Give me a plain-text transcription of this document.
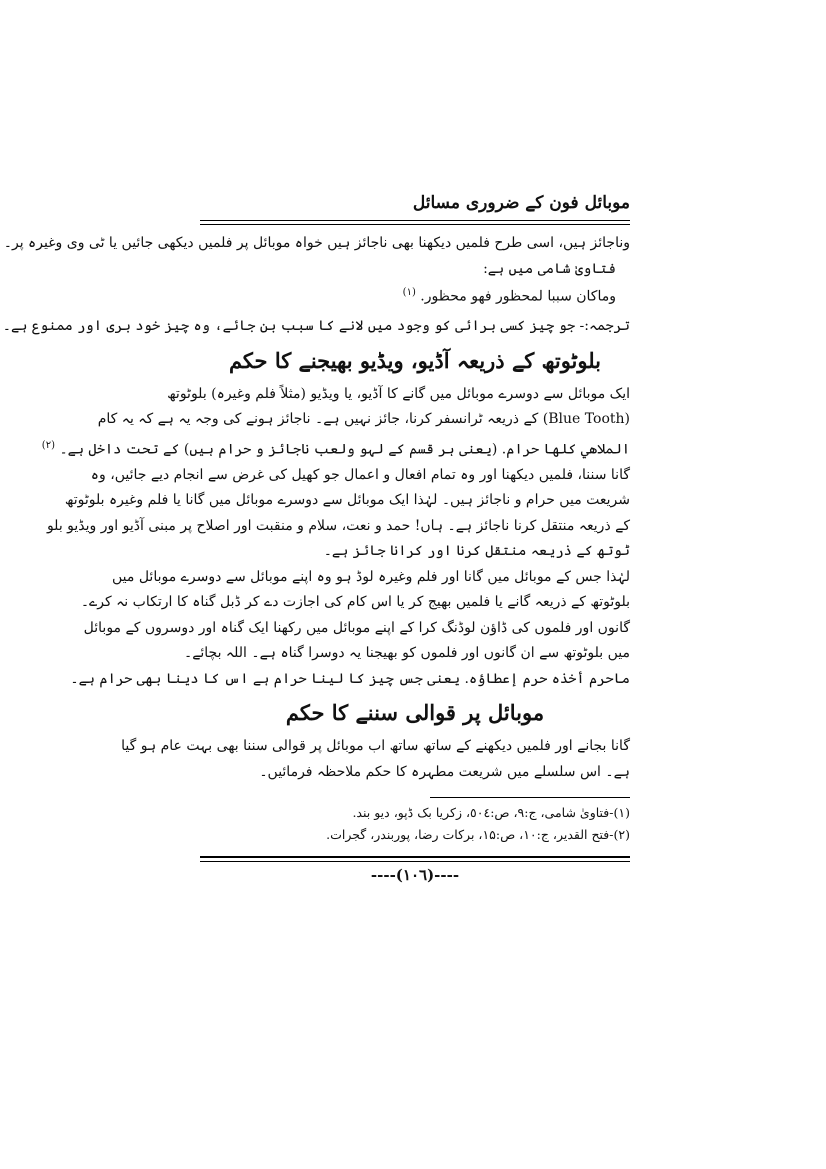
موبائل فون کے ضروری مسائل
وناجائز ہیں، اسی طرح فلمیں دیکھنا بھی ناجائز ہیں خواہ موبائل پر فلمیں دیکھی جائیں یا ٹی وی وغیرہ پر۔
فتاویٰ شامی میں ہے:
وماكان سببا لمحظور فهو محظور. $^{(۱)}$
ترجمہ:- جو چیز کسی برائی کو وجود میں لانے کا سبب بن جائے، وہ چیز خود بری اور ممنوع ہے۔
بلوٹوتھ کے ذریعہ آڈیو، ویڈیو بھیجنے کا حکم
ایک موبائل سے دوسرے موبائل میں گانے کا آڈیو، یا ویڈیو (مثلاً فلم وغیرہ) بلوٹوتھ
(Blue Tooth) کے ذریعہ ٹرانسفر کرنا، جائز نہیں ہے۔ ناجائز ہونے کی وجہ یہ ہے کہ یہ کام
الملاهي كلها حرام. (یعنی ہر قسم کے لہو ولعب ناجائز و حرام ہیں) کے تحت داخل ہے۔ $^{(۲)}$
گانا سننا، فلمیں دیکھنا اور وہ تمام افعال و اعمال جو کھیل کی غرض سے انجام دیے جائیں، وہ
شریعت میں حرام و ناجائز ہیں۔ لہٰذا ایک موبائل سے دوسرے موبائل میں گانا یا فلم وغیرہ بلوٹوتھ
کے ذریعہ منتقل کرنا ناجائز ہے۔ ہاں! حمد و نعت، سلام و منقبت اور اصلاح پر مبنی آڈیو اور ویڈیو بلو
ٹوتھ کے ذریعہ منتقل کرنا اور کرانا جائز ہے۔
لہٰذا جس کے موبائل میں گانا اور فلم وغیرہ لوڈ ہو وہ اپنے موبائل سے دوسرے موبائل میں
بلوٹوتھ کے ذریعہ گانے یا فلمیں بھیج کر یا اس کام کی اجازت دے کر ڈبل گناہ کا ارتکاب نہ کرے۔
گانوں اور فلموں کی ڈاؤن لوڈنگ کرا کے اپنے موبائل میں رکھنا ایک گناہ اور دوسروں کے موبائل
میں بلوٹوتھ سے ان گانوں اور فلموں کو بھیجنا یہ دوسرا گناہ ہے۔ اللہ بچائے۔
ماحرم أخذه حرم إعطاؤه. یعنی جس چیز کا لینا حرام ہے اس کا دینا بھی حرام ہے۔
موبائل پر قوالی سننے کا حکم
گانا بجانے اور فلمیں دیکھنے کے ساتھ ساتھ اب موبائل پر قوالی سننا بھی بہت عام ہو گیا
ہے۔ اس سلسلے میں شریعت مطہرہ کا حکم ملاحظہ فرمائیں۔
(۱)-فتاویٰ شامی، ج:۹، ص:٥٠٤، زکریا بک ڈپو، دیو بند.
(۲)-فتح القدیر، ج:۱۰، ص:۱۵، برکات رضا، پوربندر، گجرات.
----(١٠٦)----
